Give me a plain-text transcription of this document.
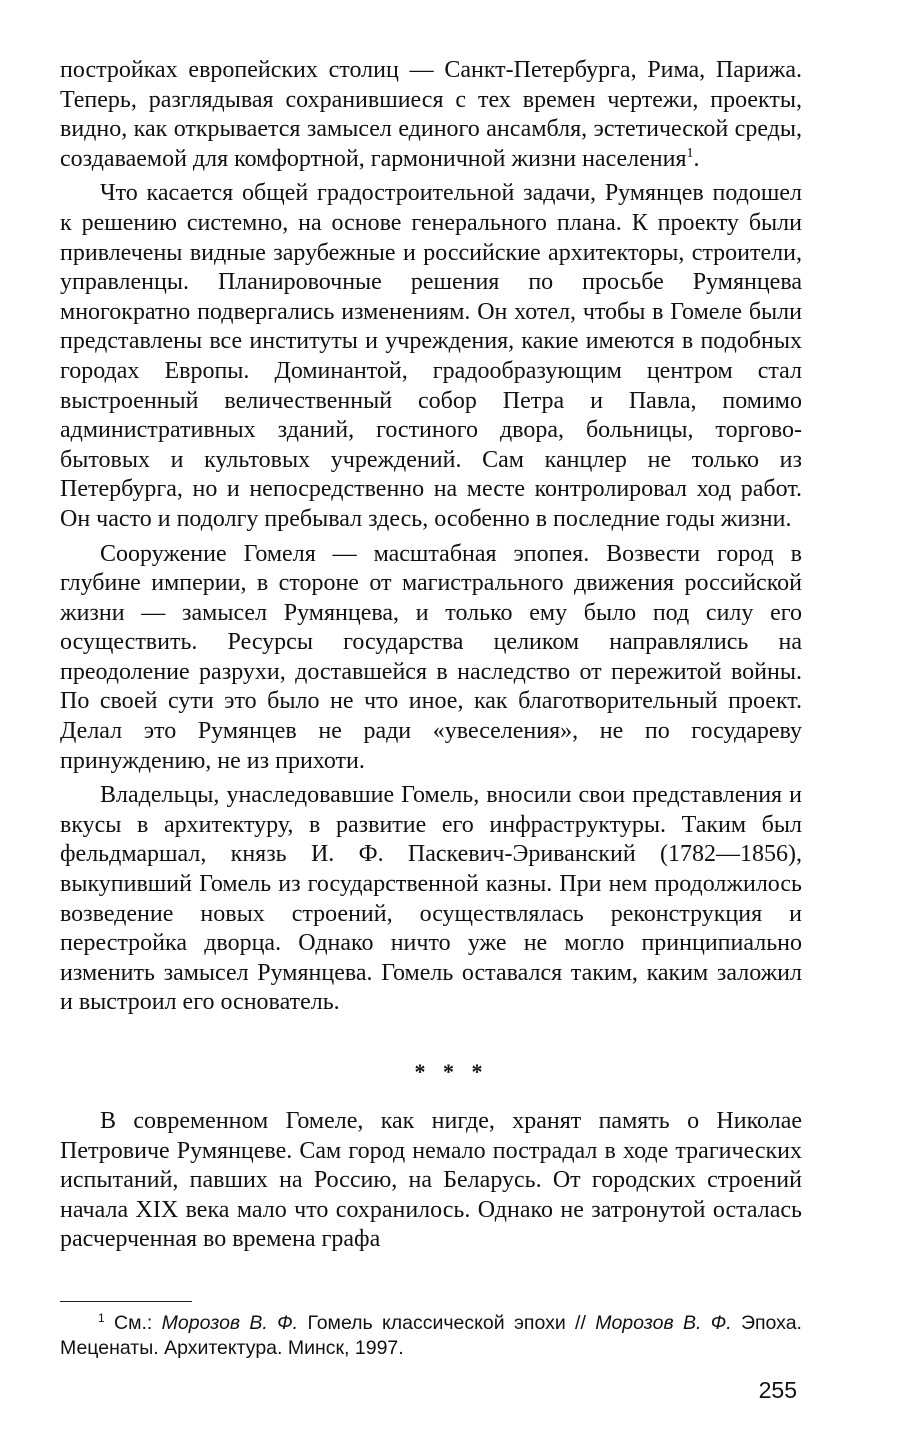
постройках европейских столиц — Санкт-Петербурга, Рима, Парижа. Теперь, разглядывая сохранившиеся с тех времен чертежи, проекты, видно, как открывается замысел единого ансамбля, эстетической среды, создаваемой для комфортной, гармоничной жизни населения$^1$.

Что касается общей градостроительной задачи, Румянцев подошел к решению системно, на основе генерального плана. К проекту были привлечены видные зарубежные и российские архитекторы, строители, управленцы. Планировочные решения по просьбе Румянцева многократно подвергались изменениям. Он хотел, чтобы в Гомеле были представлены все институты и учреждения, какие имеются в подобных городах Европы. Доминантой, градообразующим центром стал выстроенный величественный собор Петра и Павла, помимо административных зданий, гостиного двора, больницы, торгово-бытовых и культовых учреждений. Сам канцлер не только из Петербурга, но и непосредственно на месте контролировал ход работ. Он часто и подолгу пребывал здесь, особенно в последние годы жизни.

Сооружение Гомеля — масштабная эпопея. Возвести город в глубине империи, в стороне от магистрального движения российской жизни — замысел Румянцева, и только ему было под силу его осуществить. Ресурсы государства целиком направлялись на преодоление разрухи, доставшейся в наследство от пережитой войны. По своей сути это было не что иное, как благотворительный проект. Делал это Румянцев не ради «увеселения», не по государеву принуждению, не из прихоти.

Владельцы, унаследовавшие Гомель, вносили свои представления и вкусы в архитектуру, в развитие его инфраструктуры. Таким был фельдмаршал, князь И. Ф. Паскевич-Эриванский (1782—1856), выкупивший Гомель из государственной казны. При нем продолжилось возведение новых строений, осуществлялась реконструкция и перестройка дворца. Однако ничто уже не могло принципиально изменить замысел Румянцева. Гомель оставался таким, каким заложил и выстроил его основатель.

* * *

В современном Гомеле, как нигде, хранят память о Николае Петровиче Румянцеве. Сам город немало пострадал в ходе трагических испытаний, павших на Россию, на Беларусь. От городских строений начала XIX века мало что сохранилось. Однако не затронутой осталась расчерченная во времена графа

$^1$ См.: Морозов В. Ф. Гомель классической эпохи // Морозов В. Ф. Эпоха. Меценаты. Архитектура. Минск, 1997.
255
